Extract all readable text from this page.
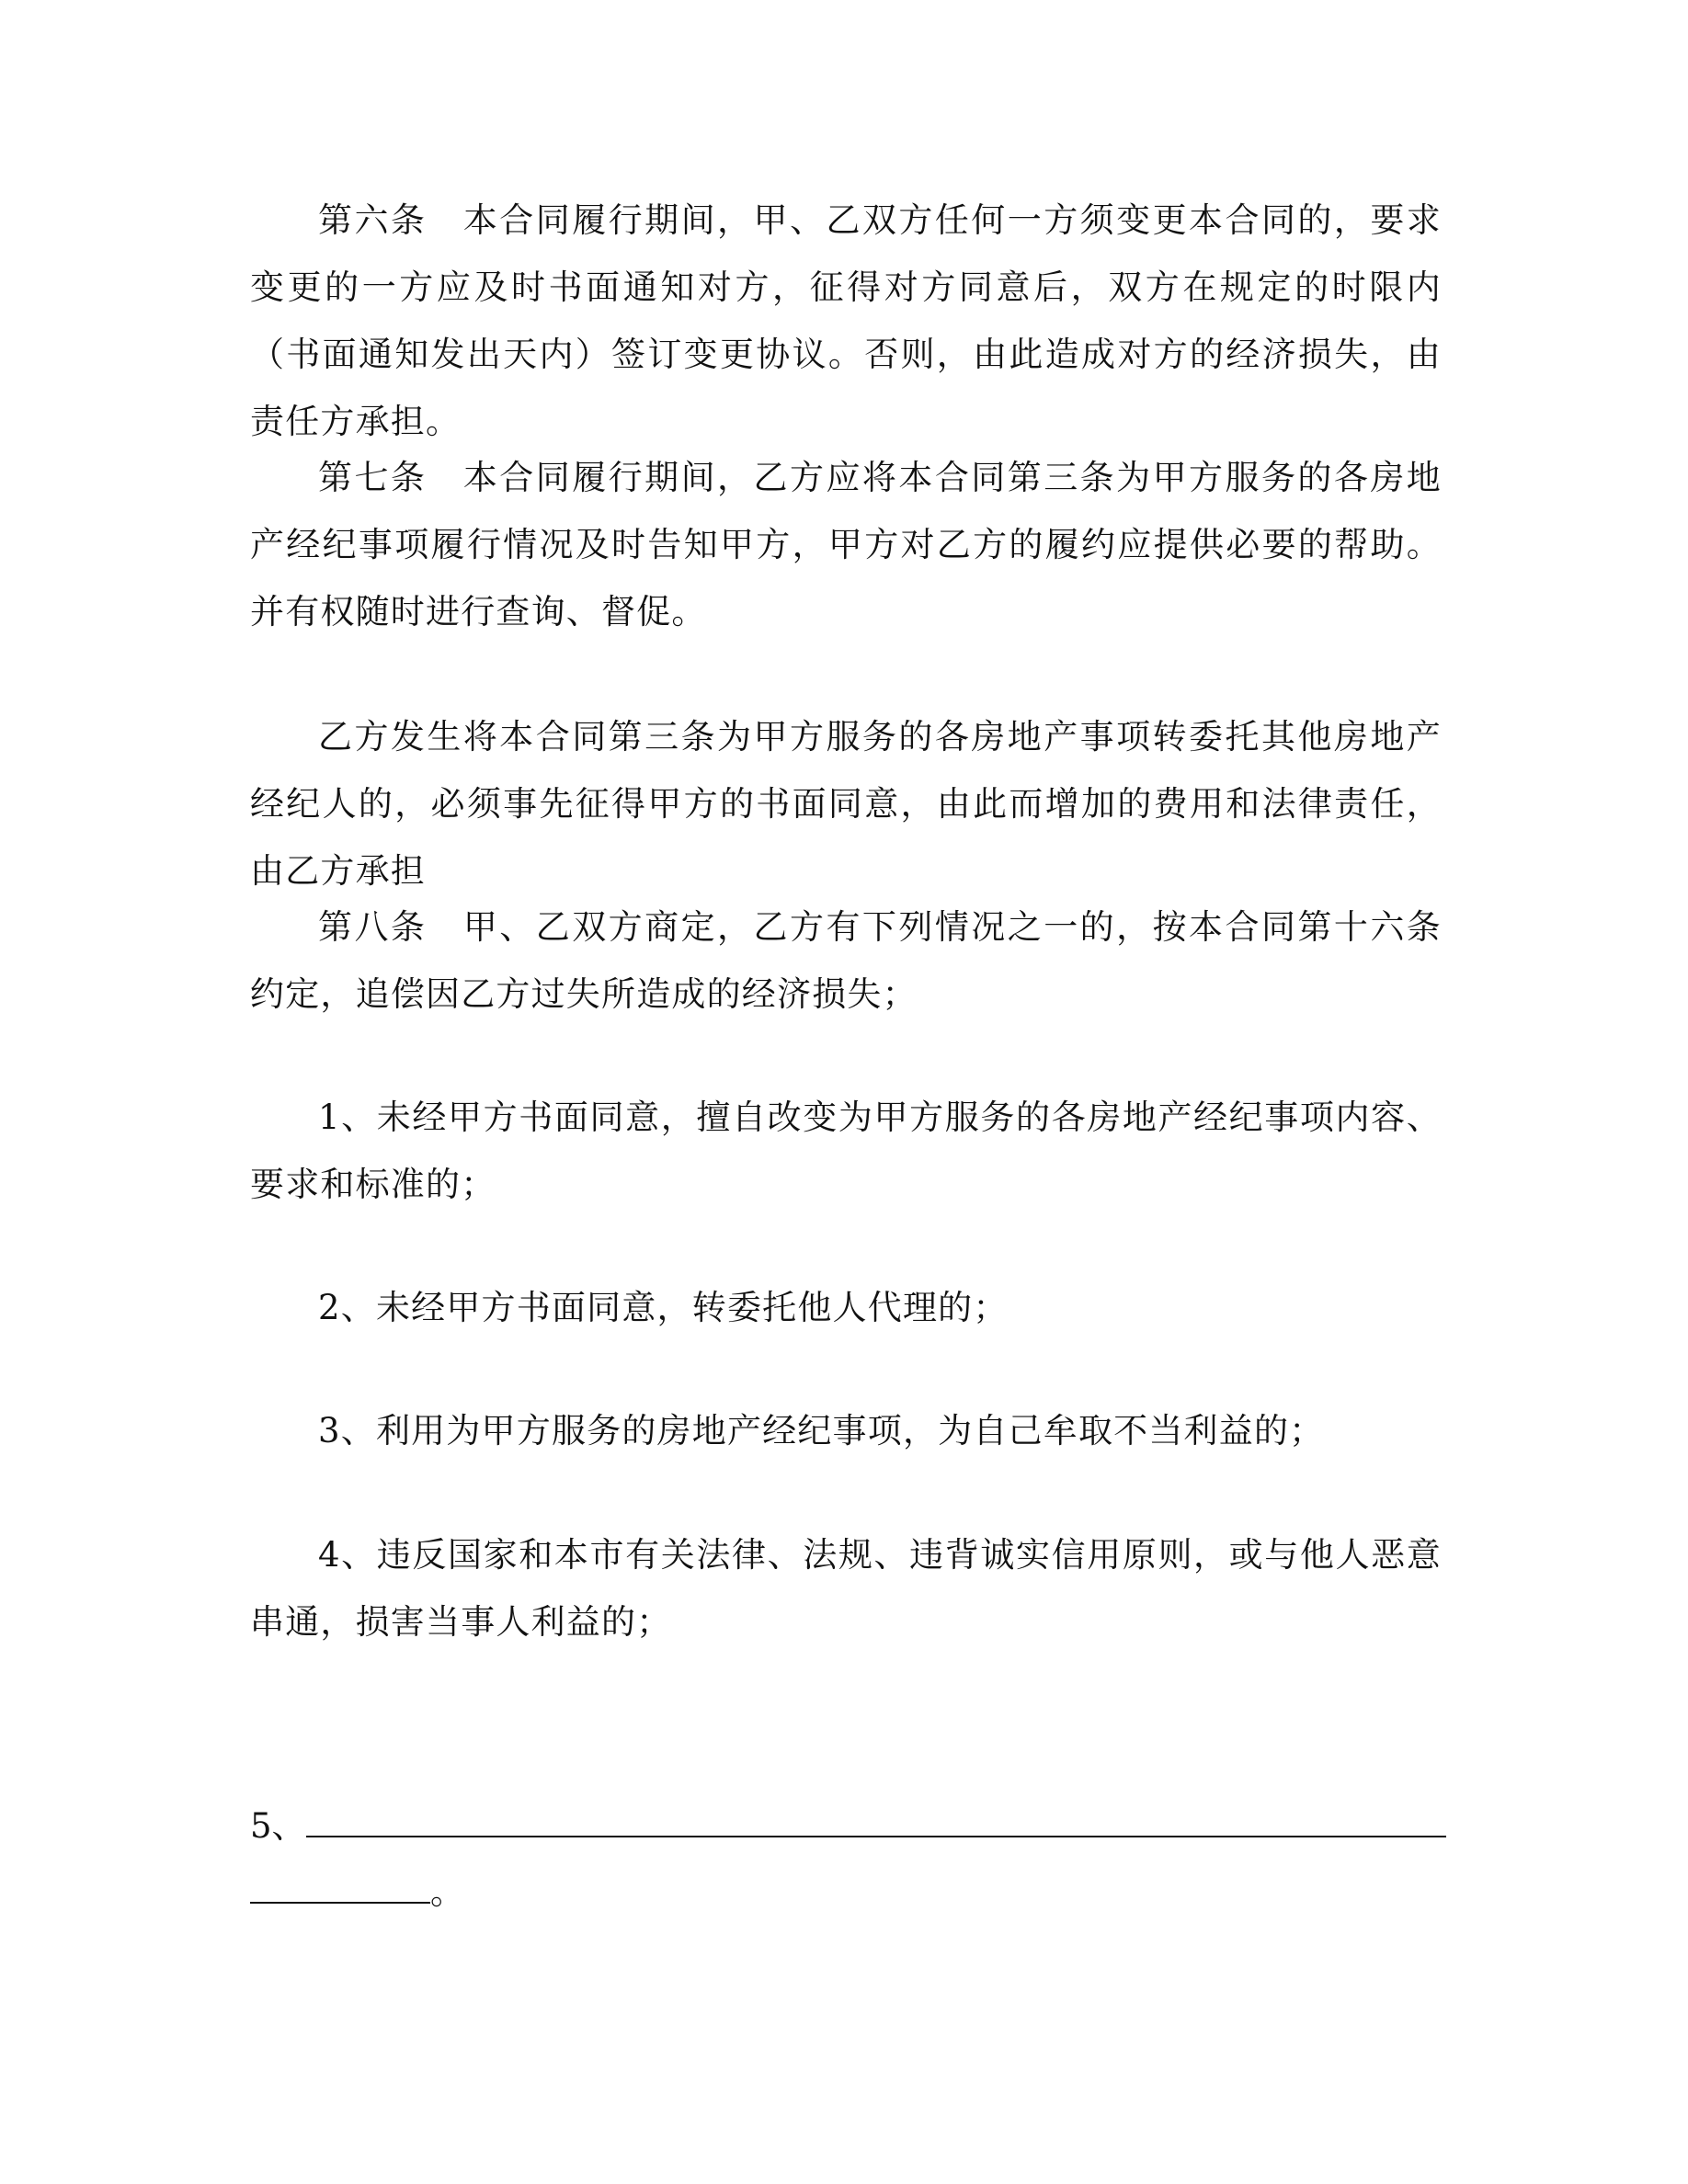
第六条　本合同履行期间，甲、乙双方任何一方须变更本合同的，要求变更的一方应及时书面通知对方，征得对方同意后，双方在规定的时限内（书面通知发出天内）签订变更协议。否则，由此造成对方的经济损失，由责任方承担。

第七条　本合同履行期间，乙方应将本合同第三条为甲方服务的各房地产经纪事项履行情况及时告知甲方，甲方对乙方的履约应提供必要的帮助。并有权随时进行查询、督促。

乙方发生将本合同第三条为甲方服务的各房地产事项转委托其他房地产经纪人的，必须事先征得甲方的书面同意，由此而增加的费用和法律责任，由乙方承担

第八条　甲、乙双方商定，乙方有下列情况之一的，按本合同第十六条约定，追偿因乙方过失所造成的经济损失；

1、未经甲方书面同意，擅自改变为甲方服务的各房地产经纪事项内容、要求和标准的；

2、未经甲方书面同意，转委托他人代理的；

3、利用为甲方服务的房地产经纪事项，为自己牟取不当利益的；

4、违反国家和本市有关法律、法规、违背诚实信用原则，或与他人恶意串通，损害当事人利益的；

5、
。
